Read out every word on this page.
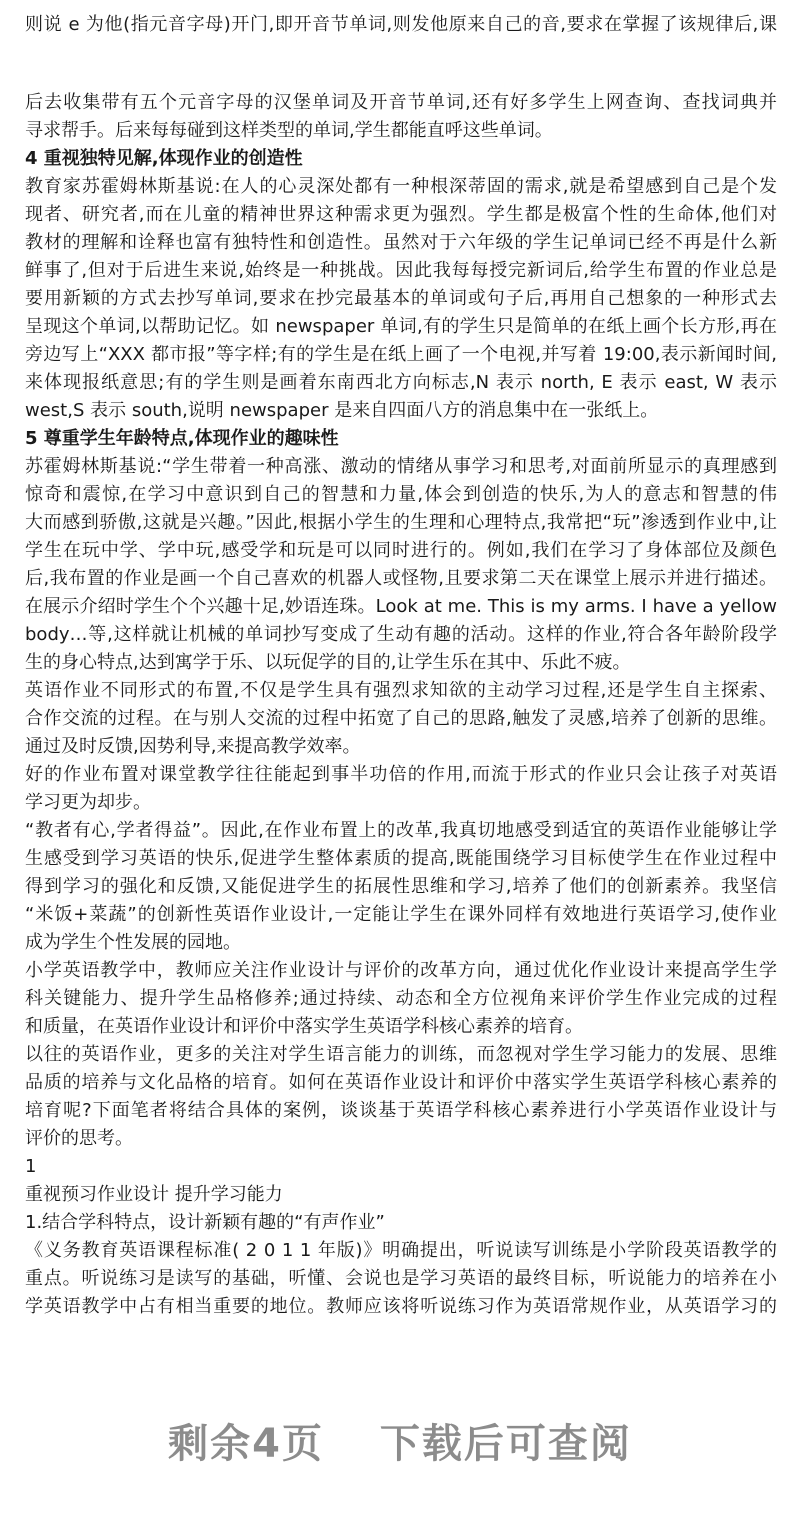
则说 e 为他(指元音字母)开门,即开音节单词,则发他原来自己的音,要求在掌握了该规律后,课
后去收集带有五个元音字母的汉堡单词及开音节单词,还有好多学生上网查询、查找词典并
寻求帮手。后来每每碰到这样类型的单词,学生都能直呼这些单词。
4 重视独特见解,体现作业的创造性
教育家苏霍姆林斯基说:在人的心灵深处都有一种根深蒂固的需求,就是希望感到自己是个发
现者、研究者,而在儿童的精神世界这种需求更为强烈。学生都是极富个性的生命体,他们对
教材的理解和诠释也富有独特性和创造性。虽然对于六年级的学生记单词已经不再是什么新
鲜事了,但对于后进生来说,始终是一种挑战。因此我每每授完新词后,给学生布置的作业总是
要用新颖的方式去抄写单词,要求在抄完最基本的单词或句子后,再用自己想象的一种形式去
呈现这个单词,以帮助记忆。如 newspaper 单词,有的学生只是简单的在纸上画个长方形,再在
旁边写上“XXX 都市报”等字样;有的学生是在纸上画了一个电视,并写着 19:00,表示新闻时间,
来体现报纸意思;有的学生则是画着东南西北方向标志,N 表示 north, E 表示 east, W 表示
west,S 表示 south,说明 newspaper 是来自四面八方的消息集中在一张纸上。
5 尊重学生年龄特点,体现作业的趣味性
苏霍姆林斯基说:“学生带着一种高涨、激动的情绪从事学习和思考,对面前所显示的真理感到
惊奇和震惊,在学习中意识到自己的智慧和力量,体会到创造的快乐,为人的意志和智慧的伟
大而感到骄傲,这就是兴趣。”因此,根据小学生的生理和心理特点,我常把“玩”渗透到作业中,让
学生在玩中学、学中玩,感受学和玩是可以同时进行的。例如,我们在学习了身体部位及颜色
后,我布置的作业是画一个自己喜欢的机器人或怪物,且要求第二天在课堂上展示并进行描述。
在展示介绍时学生个个兴趣十足,妙语连珠。Look at me. This is my arms. I have a yellow
body…等,这样就让机械的单词抄写变成了生动有趣的活动。这样的作业,符合各年龄阶段学
生的身心特点,达到寓学于乐、以玩促学的目的,让学生乐在其中、乐此不疲。
英语作业不同形式的布置,不仅是学生具有强烈求知欲的主动学习过程,还是学生自主探索、
合作交流的过程。在与别人交流的过程中拓宽了自己的思路,触发了灵感,培养了创新的思维。
通过及时反馈,因势利导,来提高教学效率。
好的作业布置对课堂教学往往能起到事半功倍的作用,而流于形式的作业只会让孩子对英语
学习更为却步。
“教者有心,学者得益”。因此,在作业布置上的改革,我真切地感受到适宜的英语作业能够让学
生感受到学习英语的快乐,促进学生整体素质的提高,既能围绕学习目标使学生在作业过程中
得到学习的强化和反馈,又能促进学生的拓展性思维和学习,培养了他们的创新素养。我坚信
“米饭+菜蔬”的创新性英语作业设计,一定能让学生在课外同样有效地进行英语学习,使作业
成为学生个性发展的园地。
小学英语教学中，教师应关注作业设计与评价的改革方向，通过优化作业设计来提高学生学
科关键能力、提升学生品格修养;通过持续、动态和全方位视角来评价学生作业完成的过程
和质量，在英语作业设计和评价中落实学生英语学科核心素养的培育。
以往的英语作业，更多的关注对学生语言能力的训练，而忽视对学生学习能力的发展、思维
品质的培养与文化品格的培育。如何在英语作业设计和评价中落实学生英语学科核心素养的
培育呢?下面笔者将结合具体的案例，谈谈基于英语学科核心素养进行小学英语作业设计与
评价的思考。
1
重视预习作业设计 提升学习能力
1.结合学科特点，设计新颖有趣的“有声作业”
《义务教育英语课程标准( 2 0 1 1 年版)》明确提出，听说读写训练是小学阶段英语教学的
重点。听说练习是读写的基础，听懂、会说也是学习英语的最终目标，听说能力的培养在小
学英语教学中占有相当重要的地位。教师应该将听说练习作为英语常规作业，从英语学习的
剩余4页 下载后可查阅
